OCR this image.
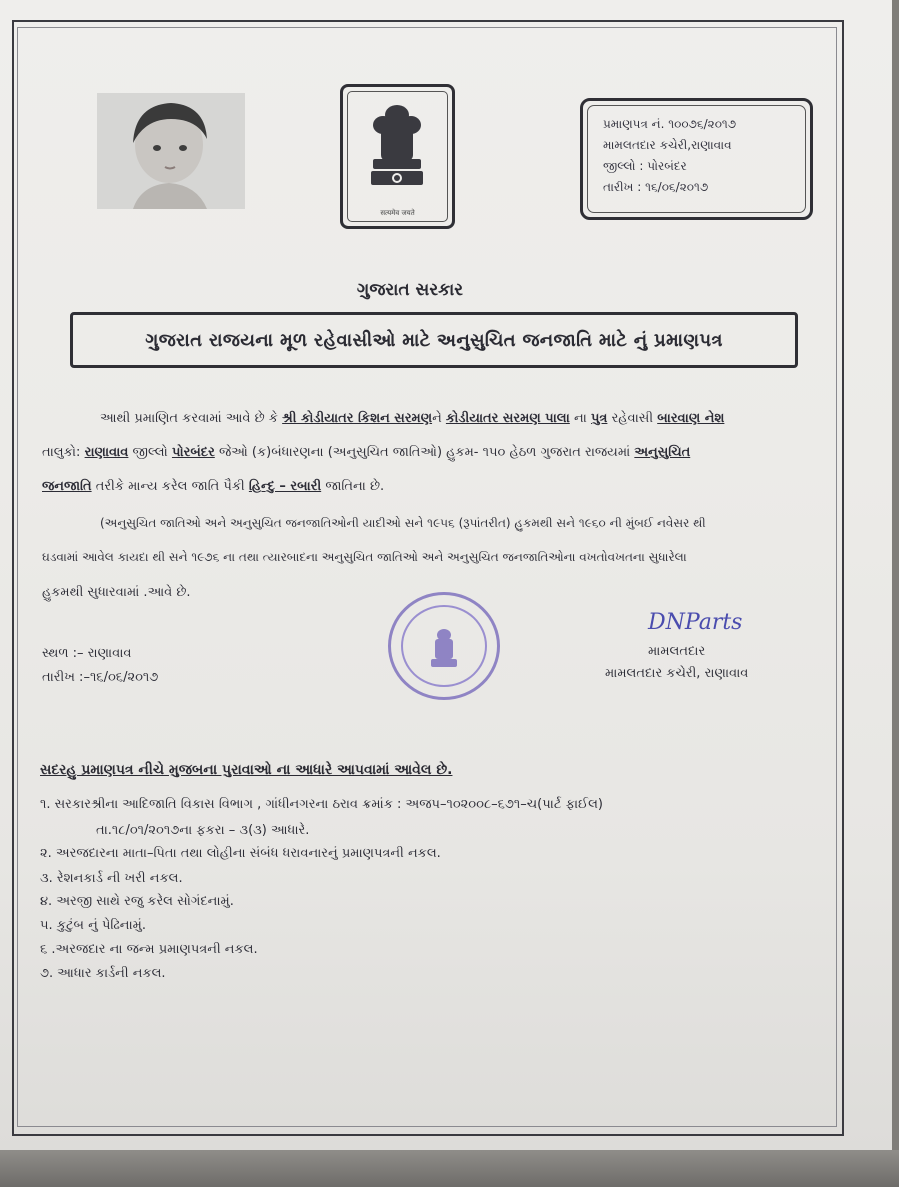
सत्यमेव जयते
પ્રમાણપત્ર નં. ૧૦૦૭૬/૨૦૧૭
મામલતદાર કચેરી,રાણાવાવ
જીલ્લો : પોરબંદર
તારીખ : ૧૬/૦૬/૨૦૧૭
ગુજરાત સરકાર
ગુજરાત રાજયના મૂળ રહેવાસીઓ માટે અનુસુચિત જનજાતિ માટે નું પ્રમાણપત્ર
આથી પ્રમાણિત કરવામાં આવે છે કે શ્રી કોડીયાતર કિશન સરમણને કોડીયાતર સરમણ પાલા ના પુત્ર રહેવાસી બારવાણ નેશ
તાલુકો: રાણાવાવ જીલ્લો પોરબંદર જેઓ (ક)બંધારણના (અનુસુચિત જાતિઓ) હુકમ- ૧૫૦ હેઠળ ગુજરાત રાજયમાં અનુસુચિત
જનજાતિ તરીકે માન્ય કરેલ જાતિ પૈકી હિન્દુ – રબારી જાતિના છે.
(અનુસુચિત જાતિઓ અને અનુસુચિત જનજાતિઓની યાદીઓ સને ૧૯૫૬ (રૂપાંતરીત) હુકમથી સને ૧૯૬૦ ની મુંબઈ નવેસર થી
ઘડવામાં આવેલ કાયદા થી સને ૧૯૭૬ ના તથા ત્યારબાદના અનુસુચિત જાતિઓ અને અનુસુચિત જનજાતિઓના વખતોવખતના સુધારેલા
હુકમથી સુધારવામાં .આવે છે.
સ્થળ :– રાણાવાવ
તારીખ :–૧૬/૦૬/૨૦૧૭
DNParts
મામલતદાર
મામલતદાર કચેરી, રાણાવાવ
સદરહુ પ્રમાણપત્ર નીચે મુજબના પુરાવાઓ ના આધારે આપવામાં આવેલ છે.
૧. સરકારશ્રીના આદિજાતિ વિકાસ વિભાગ , ગાંધીનગરના ઠરાવ ક્રમાંક : અજપ–૧૦૨૦૦૮–૬૭૧–ચ(પાર્ટ ફાઈલ)
તા.૧૮/૦૧/૨૦૧૭ના ફકરા – ૩(૩) આધારે.
૨. અરજદારના માતા–પિતા તથા લોહીના સંબંધ ધરાવનારનું પ્રમાણપત્રની નકલ.
૩. રેશનકાર્ડ ની ખરી નકલ.
૪. અરજી સાથે રજુ કરેલ સોગંદનામું.
૫. કુટુંબ નું પેઢિનામું.
૬ .અરજદાર ના જન્મ પ્રમાણપત્રની નકલ.
૭. આધાર કાર્ડની નકલ.
